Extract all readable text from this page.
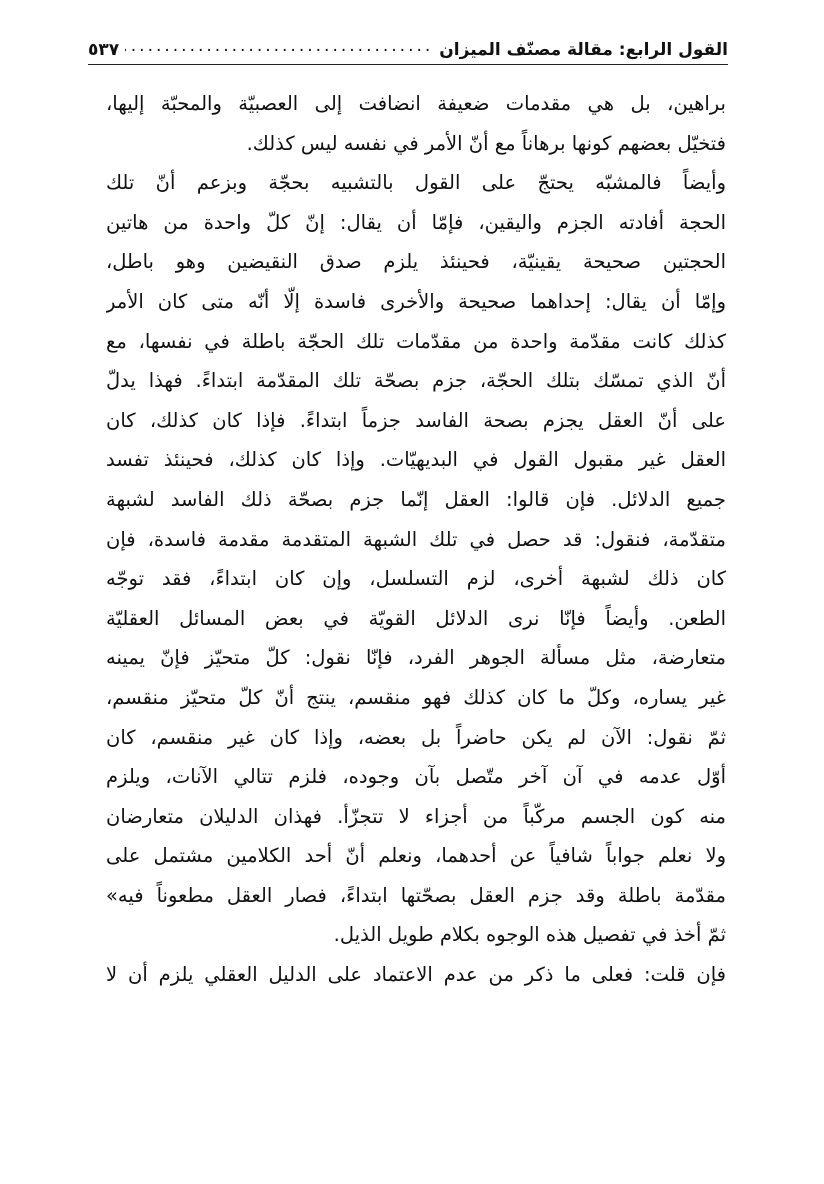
القول الرابع: مقالة مصنّف الميزان
.....
٥٣٧
براهين، بل هي مقدمات ضعيفة انضافت إلى العصبيّة والمحبّة إليها،
فتخيّل بعضهم كونها برهاناً مع أنّ الأمر في نفسه ليس كذلك.
وأيضاً فالمشبّه يحتجّ على القول بالتشبيه بحجّة وبزعم أنّ تلك
الحجة أفادته الجزم واليقين، فإمّا أن يقال: إنّ كلّ واحدة من هاتين
الحجتين صحيحة يقينيّة، فحينئذ يلزم صدق النقيضين وهو باطل،
وإمّا أن يقال: إحداهما صحيحة والأخرى فاسدة إلّا أنّه متى كان الأمر
كذلك كانت مقدّمة واحدة من مقدّمات تلك الحجّة باطلة في نفسها، مع
أنّ الذي تمسّك بتلك الحجّة، جزم بصحّة تلك المقدّمة ابتداءً. فهذا يدلّ
على أنّ العقل يجزم بصحة الفاسد جزماً ابتداءً. فإذا كان كذلك، كان
العقل غير مقبول القول في البديهيّات. وإذا كان كذلك، فحينئذ تفسد
جميع الدلائل. فإن قالوا: العقل إنّما جزم بصحّة ذلك الفاسد لشبهة
متقدّمة، فنقول: قد حصل في تلك الشبهة المتقدمة مقدمة فاسدة، فإن
كان ذلك لشبهة أخرى، لزم التسلسل، وإن كان ابتداءً، فقد توجّه
الطعن. وأيضاً فإنّا نرى الدلائل القويّة في بعض المسائل العقليّة
متعارضة، مثل مسألة الجوهر الفرد، فإنّا نقول: كلّ متحيّز فإنّ يمينه
غير يساره، وكلّ ما كان كذلك فهو منقسم، ينتج أنّ كلّ متحيّز منقسم،
ثمّ نقول: الآن لم يكن حاضراً بل بعضه، وإذا كان غير منقسم، كان
أوّل عدمه في آن آخر متّصل بآن وجوده، فلزم تتالي الآنات، ويلزم
منه كون الجسم مركّباً من أجزاء لا تتجزّأ. فهذان الدليلان متعارضان
ولا نعلم جواباً شافياً عن أحدهما، ونعلم أنّ أحد الكلامين مشتمل على
مقدّمة باطلة وقد جزم العقل بصحّتها ابتداءً، فصار العقل مطعوناً فيه»
ثمّ أخذ في تفصيل هذه الوجوه بكلام طويل الذيل.
فإن قلت: فعلى ما ذكر من عدم الاعتماد على الدليل العقلي يلزم أن لا
